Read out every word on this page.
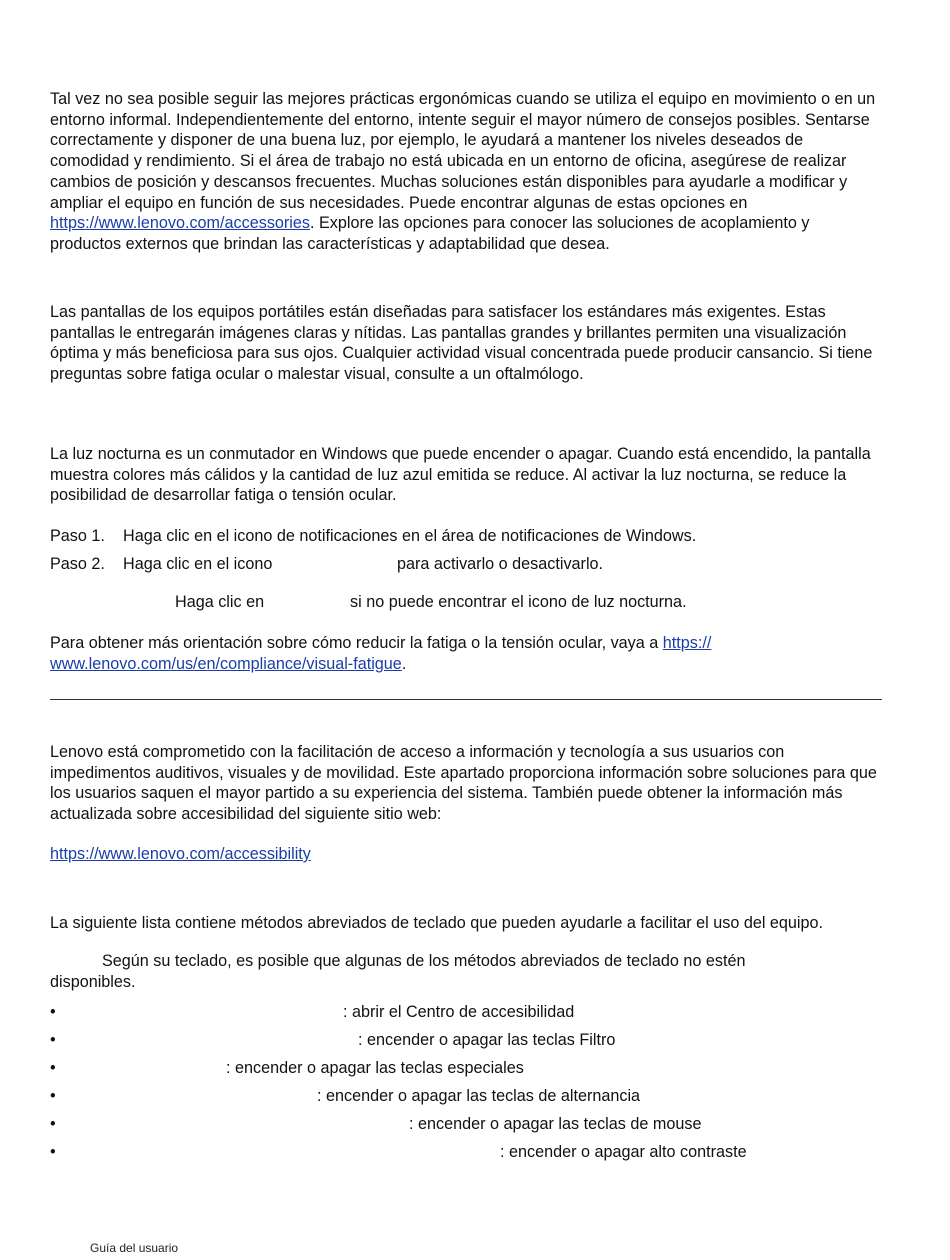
Tal vez no sea posible seguir las mejores prácticas ergonómicas cuando se utiliza el equipo en movimiento o en un entorno informal. Independientemente del entorno, intente seguir el mayor número de consejos posibles. Sentarse correctamente y disponer de una buena luz, por ejemplo, le ayudará a mantener los niveles deseados de comodidad y rendimiento. Si el área de trabajo no está ubicada en un entorno de oficina, asegúrese de realizar cambios de posición y descansos frecuentes. Muchas soluciones están disponibles para ayudarle a modificar y ampliar el equipo en función de sus necesidades. Puede encontrar algunas de estas opciones en https://www.lenovo.com/accessories. Explore las opciones para conocer las soluciones de acoplamiento y productos externos que brindan las características y adaptabilidad que desea.

Las pantallas de los equipos portátiles están diseñadas para satisfacer los estándares más exigentes. Estas pantallas le entregarán imágenes claras y nítidas. Las pantallas grandes y brillantes permiten una visualización óptima y más beneficiosa para sus ojos. Cualquier actividad visual concentrada puede producir cansancio. Si tiene preguntas sobre fatiga ocular o malestar visual, consulte a un oftalmólogo.

La luz nocturna es un conmutador en Windows que puede encender o apagar. Cuando está encendido, la pantalla muestra colores más cálidos y la cantidad de luz azul emitida se reduce. Al activar la luz nocturna, se reduce la posibilidad de desarrollar fatiga o tensión ocular.

Paso 1. Haga clic en el icono de notificaciones en el área de notificaciones de Windows.
Paso 2. Haga clic en el icono	para activarlo o desactivarlo.
Haga clic en	si no puede encontrar el icono de luz nocturna.

Para obtener más orientación sobre cómo reducir la fatiga o la tensión ocular, vaya a https://
www.lenovo.com/us/en/compliance/visual-fatigue.

Lenovo está comprometido con la facilitación de acceso a información y tecnología a sus usuarios con impedimentos auditivos, visuales y de movilidad. Este apartado proporciona información sobre soluciones para que los usuarios saquen el mayor partido a su experiencia del sistema. También puede obtener la información más actualizada sobre accesibilidad del siguiente sitio web:

https://www.lenovo.com/accessibility

La siguiente lista contiene métodos abreviados de teclado que pueden ayudarle a facilitar el uso del equipo.

Según su teclado, es posible que algunas de los métodos abreviados de teclado no estén
disponibles.
•	: abrir el Centro de accesibilidad
•	: encender o apagar las teclas Filtro
•	: encender o apagar las teclas especiales
•	: encender o apagar las teclas de alternancia
•	: encender o apagar las teclas de mouse
•	: encender o apagar alto contraste
Guía del usuario
